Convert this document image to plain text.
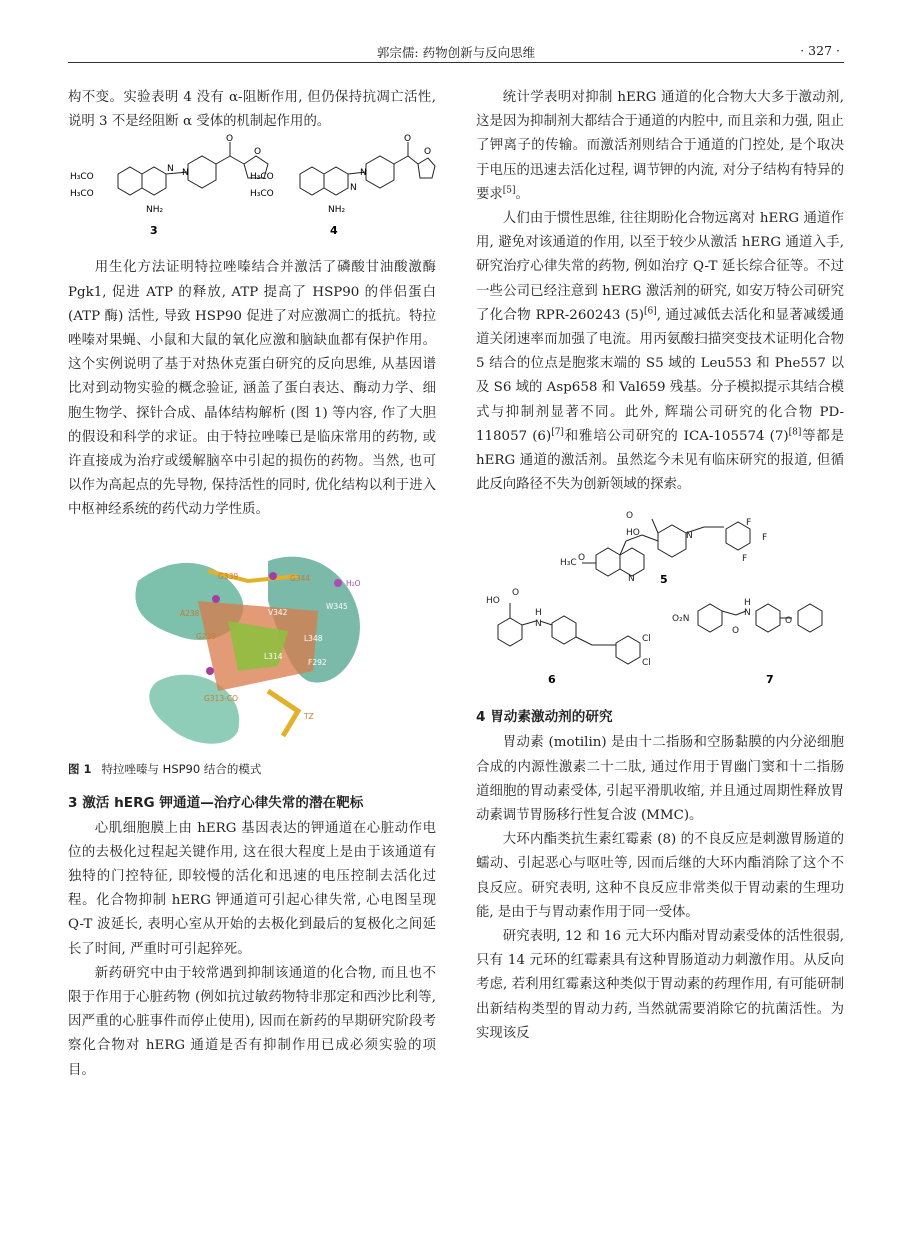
郭宗儒: 药物创新与反向思维	· 327 ·

构不变。实验表明 4 没有 α-阻断作用, 但仍保持抗凋亡活性, 说明 3 不是经阻断 α 受体的机制起作用的。

H₃CO
H₃CO
N N
O
O
NH₂
H₃CO
H₃CO
N
N
O
O
NH₂
3	4

用生化方法证明特拉唑嗪结合并激活了磷酸甘油酸激酶 Pgk1, 促进 ATP 的释放, ATP 提高了 HSP90 的伴侣蛋白 (ATP 酶) 活性, 导致 HSP90 促进了对应激凋亡的抵抗。特拉唑嗪对果蝇、小鼠和大鼠的氧化应激和脑缺血都有保护作用。这个实例说明了基于对热休克蛋白研究的反向思维, 从基因谱比对到动物实验的概念验证, 涵盖了蛋白表达、酶动力学、细胞生物学、探针合成、晶体结构解析 (图 1) 等内容, 作了大胆的假设和科学的求证。由于特拉唑嗪已是临床常用的药物, 或许直接成为治疗或缓解脑卒中引起的损伤的药物。当然, 也可以作为高起点的先导物, 保持活性的同时, 优化结构以利于进入中枢神经系统的药代动力学性质。

H₂O
G344
G339
W345
A238	V342
G239	L348
F292
L314
G313-CO F250
TZ
图 1 特拉唑嗪与 HSP90 结合的模式
3 激活 hERG 钾通道—治疗心律失常的潜在靶标

心肌细胞膜上由 hERG 基因表达的钾通道在心脏动作电位的去极化过程起关键作用, 这在很大程度上是由于该通道有独特的门控特征, 即较慢的活化和迅速的电压控制去活化过程。化合物抑制 hERG 钾通道可引起心律失常, 心电图呈现 Q-T 波延长, 表明心室从开始的去极化到最后的复极化之间延长了时间, 严重时可引起猝死。

新药研究中由于较常遇到抑制该通道的化合物, 而且也不限于作用于心脏药物 (例如抗过敏药物特非那定和西沙比利等, 因严重的心脏事件而停止使用), 因而在新药的早期研究阶段考察化合物对 hERG 通道是否有抑制作用已成必须实验的项目。

统计学表明对抑制 hERG 通道的化合物大大多于激动剂, 这是因为抑制剂大都结合于通道的内腔中, 而且亲和力强, 阻止了钾离子的传输。而激活剂则结合于通道的门控处, 是个取决于电压的迅速去活化过程, 调节钾的内流, 对分子结构有特异的要求[5]。

人们由于惯性思维, 往往期盼化合物远离对 hERG 通道作用, 避免对该通道的作用, 以至于较少从激活 hERG 通道入手, 研究治疗心律失常的药物, 例如治疗 Q-T 延长综合征等。不过一些公司已经注意到 hERG 激活剂的研究, 如安万特公司研究了化合物 RPR-260243 (5)[6], 通过减低去活化和显著减缓通道关闭速率而加强了电流。用丙氨酸扫描突变技术证明化合物 5 结合的位点是胞浆末端的 S5 域的 Leu553 和 Phe557 以及 S6 域的 Asp658 和 Val659 残基。分子模拟提示其结合模式与抑制剂显著不同。此外, 辉瑞公司研究的化合物 PD-118057 (6)[7]和雅培公司研究的 ICA-105574 (7)[8]等都是 hERG 通道的激活剂。虽然迄今未见有临床研究的报道, 但循此反向路径不失为创新领域的探索。

O
HO	N
F
F
F
H₃C O
N
HO
O
H
N
Cl
Cl
O₂N
H
N
O
O
5
6	7
4 胃动素激动剂的研究

胃动素 (motilin) 是由十二指肠和空肠黏膜的内分泌细胞合成的内源性激素二十二肽, 通过作用于胃幽门窦和十二指肠道细胞的胃动素受体, 引起平滑肌收缩, 并且通过周期性释放胃动素调节胃肠移行性复合波 (MMC)。

大环内酯类抗生素红霉素 (8) 的不良反应是刺激胃肠道的蠕动、引起恶心与呕吐等, 因而后继的大环内酯消除了这个不良反应。研究表明, 这种不良反应非常类似于胃动素的生理功能, 是由于与胃动素作用于同一受体。

研究表明, 12 和 16 元大环内酯对胃动素受体的活性很弱, 只有 14 元环的红霉素具有这种胃肠道动力刺激作用。从反向考虑, 若利用红霉素这种类似于胃动素的药理作用, 有可能研制出新结构类型的胃动力药, 当然就需要消除它的抗菌活性。为实现该反
